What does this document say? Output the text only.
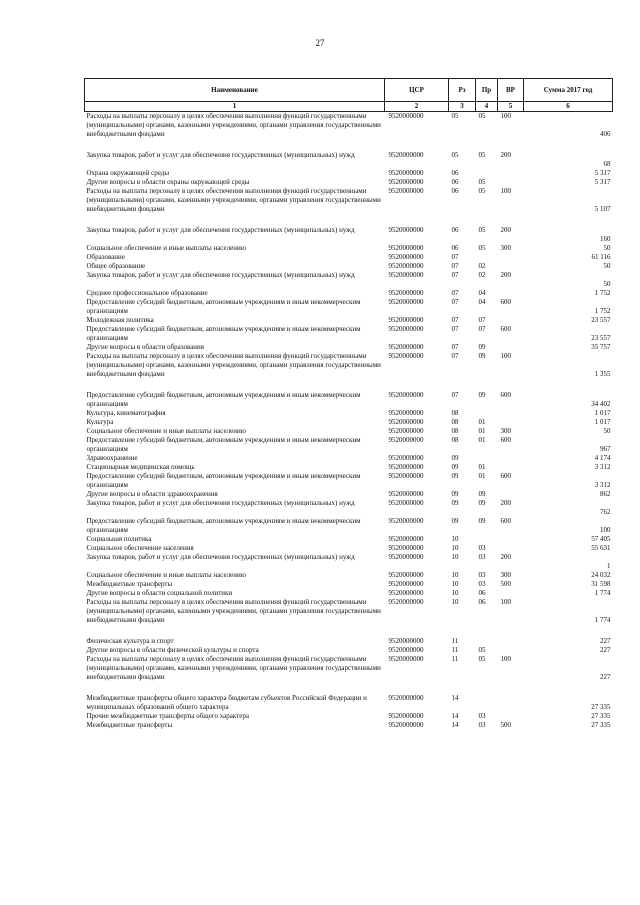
27
Наименование	ЦСР	Рз	Пр	ВР	Сумма 2017 год
1	2	3	4	5	6
Расходы на выплаты персоналу в целях обеспечения выполнения функций государственными (муниципальными) органами, казенными учреждениями, органами управления государственными внебюджетными фондами	9520000000	05	05	100	406

Закупка товаров, работ и услуг для обеспечения государственных (муниципальных) нужд	9520000000	05	05	200	68
Охрана окружающей среды	9520000000	06			5 317
Другие вопросы в области охраны окружающей среды	9520000000	06	05		5 317
Расходы на выплаты персоналу в целях обеспечения выполнения функций государственными (муниципальными) органами, казенными учреждениями, органами управления государственными внебюджетными фондами	9520000000	06	05	100	5 107

Закупка товаров, работ и услуг для обеспечения государственных (муниципальных) нужд	9520000000	06	05	200	160
Социальное обеспечение и иные выплаты населению	9520000000	06	05	300	50
Образование	9520000000	07			61 116
Общее образование	9520000000	07	02		50
Закупка товаров, работ и услуг для обеспечения государственных (муниципальных) нужд	9520000000	07	02	200	50
Среднее профессиональное образование	9520000000	07	04		1 752
Предоставление субсидий бюджетным, автономным учреждениям и иным некоммерческим организациям	9520000000	07	04	600	1 752
Молодежная политика	9520000000	07	07		23 557
Предоставление субсидий бюджетным, автономным учреждениям и иным некоммерческим организациям	9520000000	07	07	600	23 557
Другие вопросы в области образования	9520000000	07	09		35 757
Расходы на выплаты персоналу в целях обеспечения выполнения функций государственными (муниципальными) органами, казенными учреждениями, органами управления государственными внебюджетными фондами	9520000000	07	09	100	1 355

Предоставление субсидий бюджетным, автономным учреждениям и иным некоммерческим организациям	9520000000	07	09	600	34 402
Культура, кинематография	9520000000	08			1 017
Культура	9520000000	08	01		1 017
Социальное обеспечение и иные выплаты населению	9520000000	08	01	300	50
Предоставление субсидий бюджетным, автономным учреждениям и иным некоммерческим организациям	9520000000	08	01	600	967
Здравоохранение	9520000000	09			4 174
Стационарная медицинская помощь	9520000000	09	01		3 312
Предоставление субсидий бюджетным, автономным учреждениям и иным некоммерческим организациям	9520000000	09	01	600	3 312
Другие вопросы в области здравоохранения	9520000000	09	09		862
Закупка товаров, работ и услуг для обеспечения государственных (муниципальных) нужд	9520000000	09	09	200	762
Предоставление субсидий бюджетным, автономным учреждениям и иным некоммерческим организациям	9520000000	09	09	600	100
Социальная политика	9520000000	10			57 405
Социальное обеспечение населения	9520000000	10	03		55 631
Закупка товаров, работ и услуг для обеспечения государственных (муниципальных) нужд	9520000000	10	03	200	1
Социальное обеспечение и иные выплаты населению	9520000000	10	03	300	24 032
Межбюджетные трансферты	9520000000	10	03	500	31 598
Другие вопросы в области социальной политики	9520000000	10	06		1 774
Расходы на выплаты персоналу в целях обеспечения выполнения функций государственными (муниципальными) органами, казенными учреждениями, органами управления государственными внебюджетными фондами	9520000000	10	06	100	1 774

Физическая культура и спорт	9520000000	11			227
Другие вопросы в области физической культуры и спорта	9520000000	11	05		227
Расходы на выплаты персоналу в целях обеспечения выполнения функций государственными (муниципальными) органами, казенными учреждениями, органами управления государственными внебюджетными фондами	9520000000	11	05	100	227

Межбюджетные трансферты общего характера бюджетам субъектов Российской Федерации и муниципальных образований общего характера	9520000000	14			27 335
Прочие межбюджетные трансферты общего характера	9520000000	14	03		27 335
Межбюджетные трансферты	9520000000	14	03	500	27 335
